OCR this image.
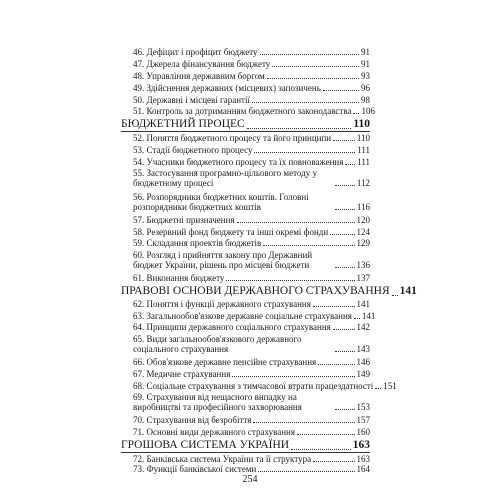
46. Дефіцит і профіцит бюджету	91
47. Джерела фінансування бюджету	91
48. Управління державним боргом	93
49. Здійснення державних (місцевих) запозичень	96
50. Державні і місцеві гарантії	98
51. Контроль за дотриманням бюджетного законодавства 106
БЮДЖЕТНИЙ ПРОЦЕС	110
52. Поняття бюджетного процесу та його принципи	110
53. Стадії бюджетного процесу	111
54. Учасники бюджетного процесу та їх повноваження 111
55. Застосування програмно-цільового методу у бюджетному процесі	112
56. Розпорядники бюджетних коштів. Головні розпорядники бюджетних коштів	116
57. Бюджетні призначення	120
58. Резервний фонд бюджету та інші окремі фонди	124
59. Складання проектів бюджетів	129
60. Розгляд і прийняття закону про Державний бюджет України, рішень про місцеві бюджети	136
61. Виконання бюджету	137
ПРАВОВІ ОСНОВИ ДЕРЖАВНОГО СТРАХУВАННЯ 141
62. Поняття і функції державного страхування	141
63. Загальнообов'язкове державне соціальне страхування 141
64. Принципи державного соціального страхування	142
65. Види загальнообов'язкового державного соціального страхування	143
66. Обов'язкове державне пенсійне страхування	146
67. Медичне страхування	149
68. Соціальне страхування з тимчасової втрати працездатності 151
69. Страхування від нещасного випадку на виробництві та професійного захворювання	153
70. Страхування від безробіття	157
71. Основні види державного страхування	160
ГРОШОВА СИСТЕМА УКРАЇНИ	163
72. Банківська система України та її структура	163
73. Функції банківської системи	164
254
